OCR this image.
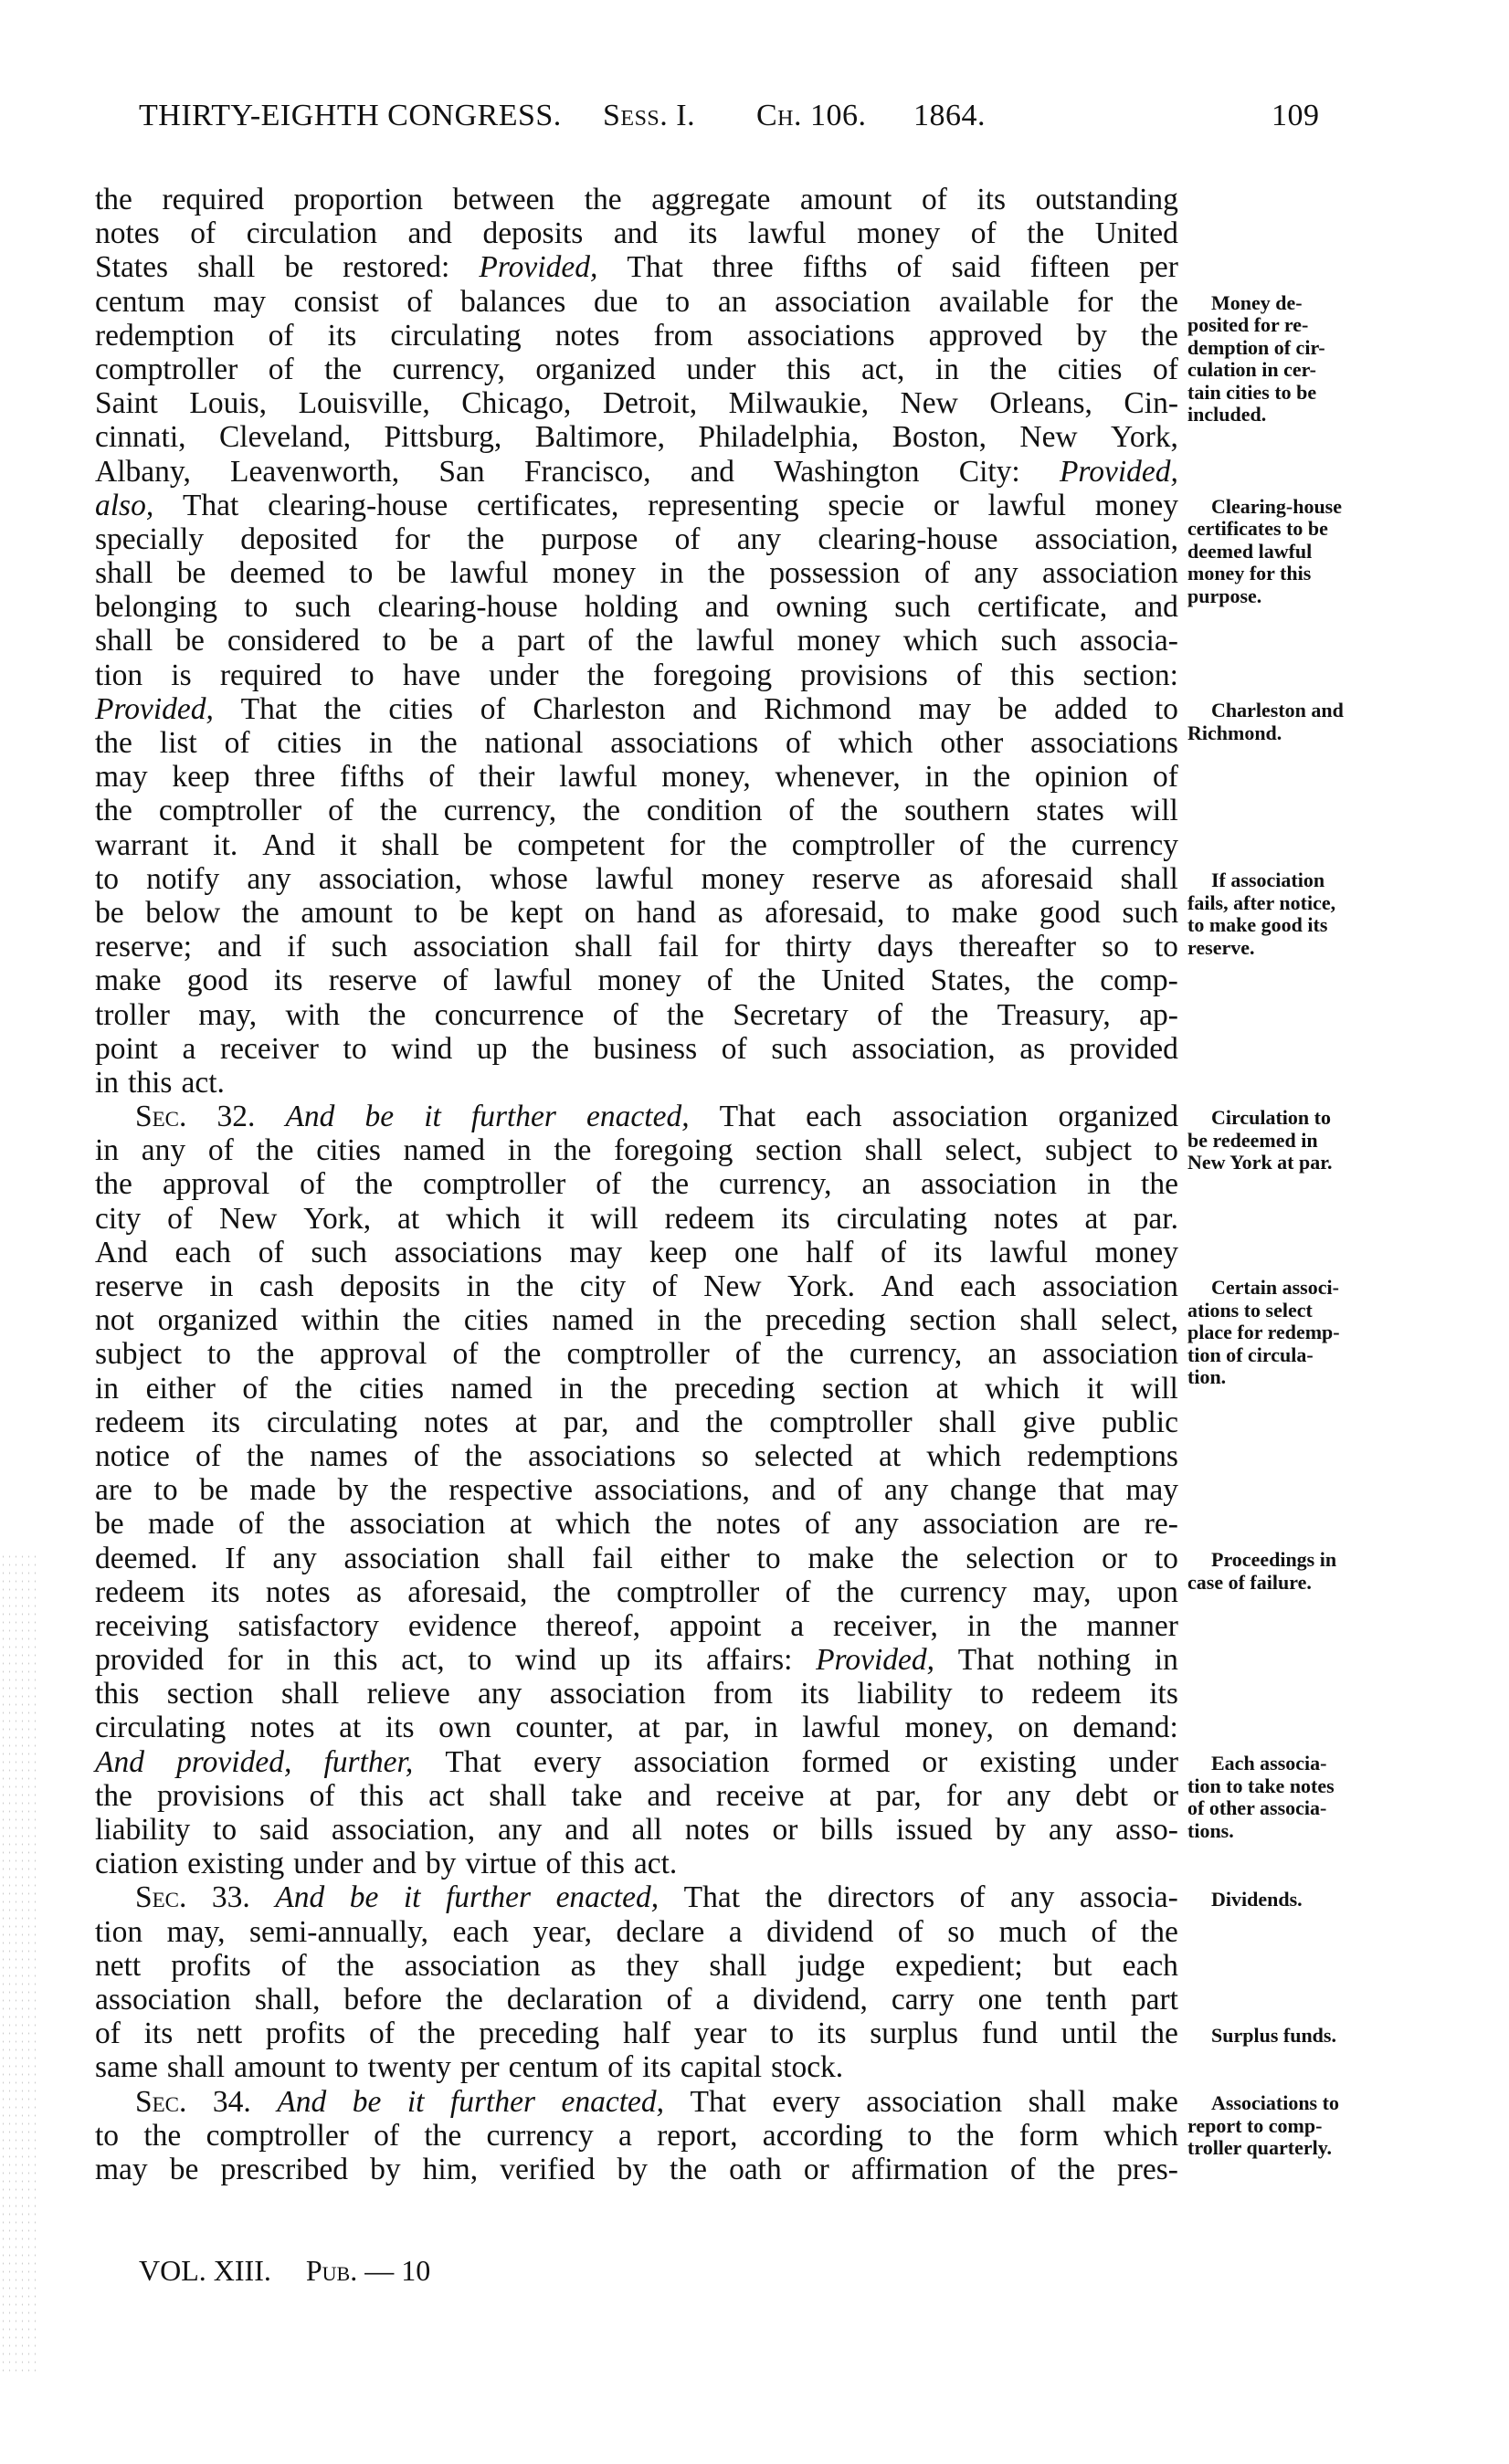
THIRTY-EIGHTH CONGRESS. Sess. I. Ch. 106. 1864.	109
the required proportion between the aggregate amount of its outstanding
notes of circulation and deposits and its lawful money of the United
States shall be restored: Provided, That three fifths of said fifteen per
centum may consist of balances due to an association available for the
redemption of its circulating notes from associations approved by the
comptroller of the currency, organized under this act, in the cities of
Saint Louis, Louisville, Chicago, Detroit, Milwaukie, New Orleans, Cin-
cinnati, Cleveland, Pittsburg, Baltimore, Philadelphia, Boston, New York,
Albany, Leavenworth, San Francisco, and Washington City: Provided,
also, That clearing-house certificates, representing specie or lawful money
specially deposited for the purpose of any clearing-house association,
shall be deemed to be lawful money in the possession of any association
belonging to such clearing-house holding and owning such certificate, and
shall be considered to be a part of the lawful money which such associa-
tion is required to have under the foregoing provisions of this section:
Provided, That the cities of Charleston and Richmond may be added to
the list of cities in the national associations of which other associations
may keep three fifths of their lawful money, whenever, in the opinion of
the comptroller of the currency, the condition of the southern states will
warrant it. And it shall be competent for the comptroller of the currency
to notify any association, whose lawful money reserve as aforesaid shall
be below the amount to be kept on hand as aforesaid, to make good such
reserve; and if such association shall fail for thirty days thereafter so to
make good its reserve of lawful money of the United States, the comp-
troller may, with the concurrence of the Secretary of the Treasury, ap-
point a receiver to wind up the business of such association, as provided
in this act.
Sec. 32. And be it further enacted, That each association organized
in any of the cities named in the foregoing section shall select, subject to
the approval of the comptroller of the currency, an association in the
city of New York, at which it will redeem its circulating notes at par.
And each of such associations may keep one half of its lawful money
reserve in cash deposits in the city of New York. And each association
not organized within the cities named in the preceding section shall select,
subject to the approval of the comptroller of the currency, an association
in either of the cities named in the preceding section at which it will
redeem its circulating notes at par, and the comptroller shall give public
notice of the names of the associations so selected at which redemptions
are to be made by the respective associations, and of any change that may
be made of the association at which the notes of any association are re-
deemed. If any association shall fail either to make the selection or to
redeem its notes as aforesaid, the comptroller of the currency may, upon
receiving satisfactory evidence thereof, appoint a receiver, in the manner
provided for in this act, to wind up its affairs: Provided, That nothing in
this section shall relieve any association from its liability to redeem its
circulating notes at its own counter, at par, in lawful money, on demand:
And provided, further, That every association formed or existing under
the provisions of this act shall take and receive at par, for any debt or
liability to said association, any and all notes or bills issued by any asso-
ciation existing under and by virtue of this act.
Sec. 33. And be it further enacted, That the directors of any associa-
tion may, semi-annually, each year, declare a dividend of so much of the
nett profits of the association as they shall judge expedient; but each
association shall, before the declaration of a dividend, carry one tenth part
of its nett profits of the preceding half year to its surplus fund until the
same shall amount to twenty per centum of its capital stock.
Sec. 34. And be it further enacted, That every association shall make
to the comptroller of the currency a report, according to the form which
may be prescribed by him, verified by the oath or affirmation of the pres-
Money de-
posited for re-
demption of cir-
culation in cer-
tain cities to be
included.
Clearing-house
certificates to be
deemed lawful
money for this
purpose.
Charleston and
Richmond.
If association
fails, after notice,
to make good its
reserve.
Circulation to
be redeemed in
New York at par.
Certain associ-
ations to select
place for redemp-
tion of circula-
tion.
Proceedings in
case of failure.
Each associa-
tion to take notes
of other associa-
tions.
Dividends.
Surplus funds.
Associations to
report to comp-
troller quarterly.
VOL. XIII. Pub. — 10
